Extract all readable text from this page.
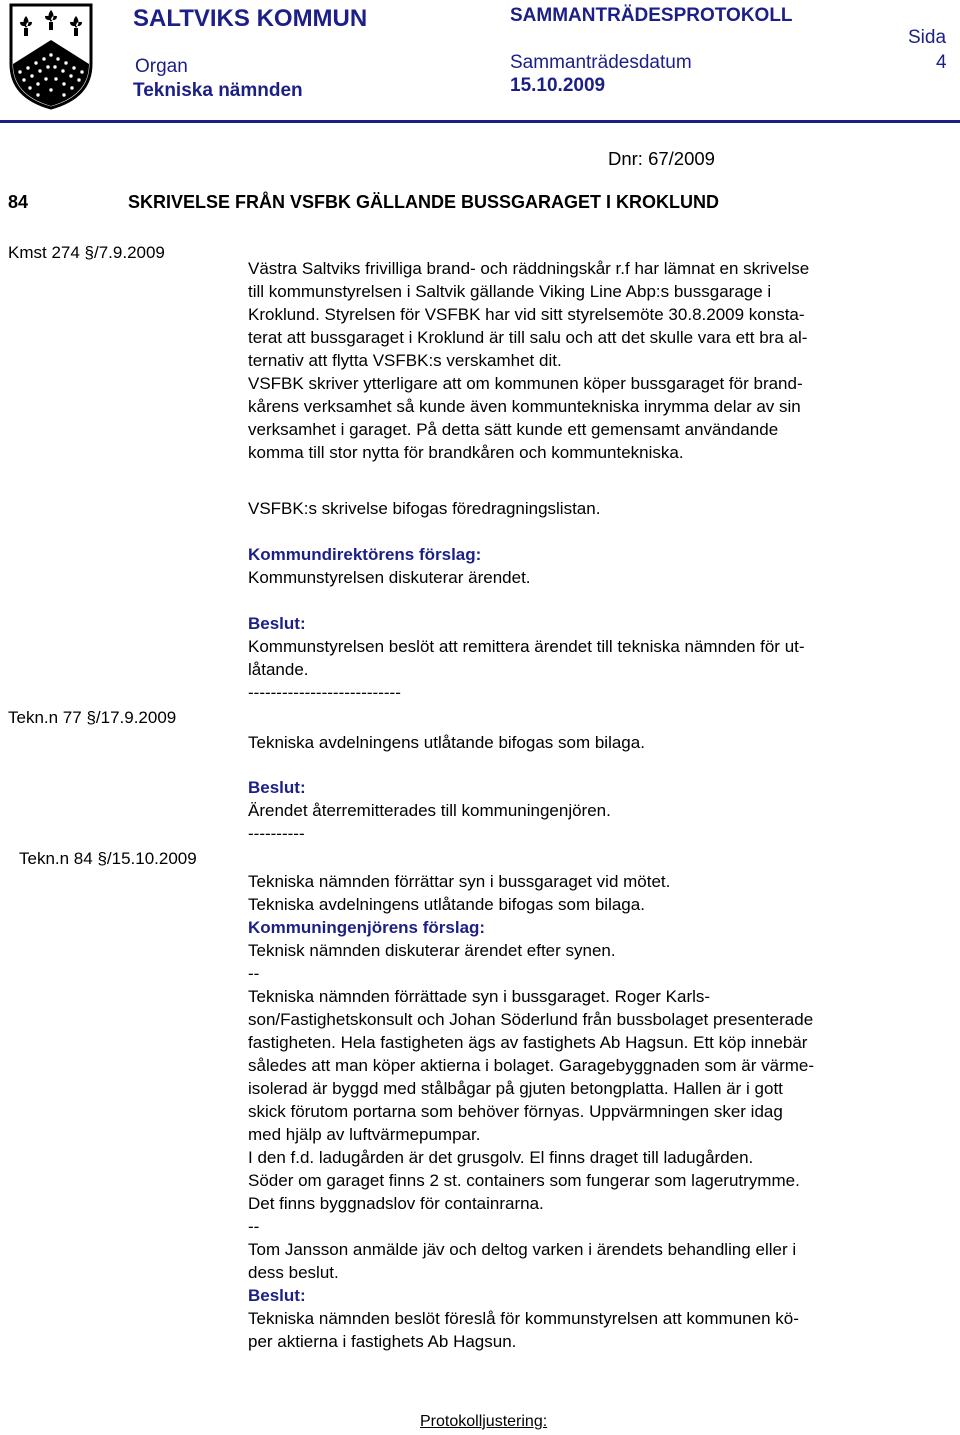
SALTVIKS KOMMUN	SAMMANTRÄDESPROTOKOLL
Sida
Organ	Sammanträdesdatum	4
Tekniska nämnden	15.10.2009
Dnr: 67/2009
84	SKRIVELSE FRÅN VSFBK GÄLLANDE BUSSGARAGET I KROKLUND
Kmst 274 §/7.9.2009
Tekn.n 77 §/17.9.2009
Tekn.n 84 §/15.10.2009

Västra Saltviks frivilliga brand- och räddningskår r.f har lämnat en skrivelse

till kommunstyrelsen i Saltvik gällande Viking Line Abp:s bussgarage i

Kroklund. Styrelsen för VSFBK har vid sitt styrelsemöte 30.8.2009 konsta-

terat att bussgaraget i Kroklund är till salu och att det skulle vara ett bra al-

ternativ att flytta VSFBK:s verskamhet dit.

VSFBK skriver ytterligare att om kommunen köper bussgaraget för brand-

kårens verksamhet så kunde även kommuntekniska inrymma delar av sin

verksamhet i garaget. På detta sätt kunde ett gemensamt användande

komma till stor nytta för brandkåren och kommuntekniska.

VSFBK:s skrivelse bifogas föredragningslistan.

Kommundirektörens förslag:

Kommunstyrelsen diskuterar ärendet.

Beslut:

Kommunstyrelsen beslöt att remittera ärendet till tekniska nämnden för ut-

låtande.

---------------------------

Tekniska avdelningens utlåtande bifogas som bilaga.

Beslut:

Ärendet återremitterades till kommuningenjören.

----------

Tekniska nämnden förrättar syn i bussgaraget vid mötet.

Tekniska avdelningens utlåtande bifogas som bilaga.

Kommuningenjörens förslag:

Teknisk nämnden diskuterar ärendet efter synen.

--

Tekniska nämnden förrättade syn i bussgaraget. Roger Karls-

son/Fastighetskonsult och Johan Söderlund från bussbolaget presenterade

fastigheten. Hela fastigheten ägs av fastighets Ab Hagsun. Ett köp innebär

således att man köper aktierna i bolaget. Garagebyggnaden som är värme-

isolerad är byggd med stålbågar på gjuten betongplatta. Hallen är i gott

skick förutom portarna som behöver förnyas. Uppvärmningen sker idag

med hjälp av luftvärmepumpar.

I den f.d. ladugården är det grusgolv. El finns draget till ladugården.

Söder om garaget finns 2 st. containers som fungerar som lagerutrymme.

Det finns byggnadslov för containrarna.

--

Tom Jansson anmälde jäv och deltog varken i ärendets behandling eller i

dess beslut.

Beslut:

Tekniska nämnden beslöt föreslå för kommunstyrelsen att kommunen kö-

per aktierna i fastighets Ab Hagsun.

Protokolljustering:
